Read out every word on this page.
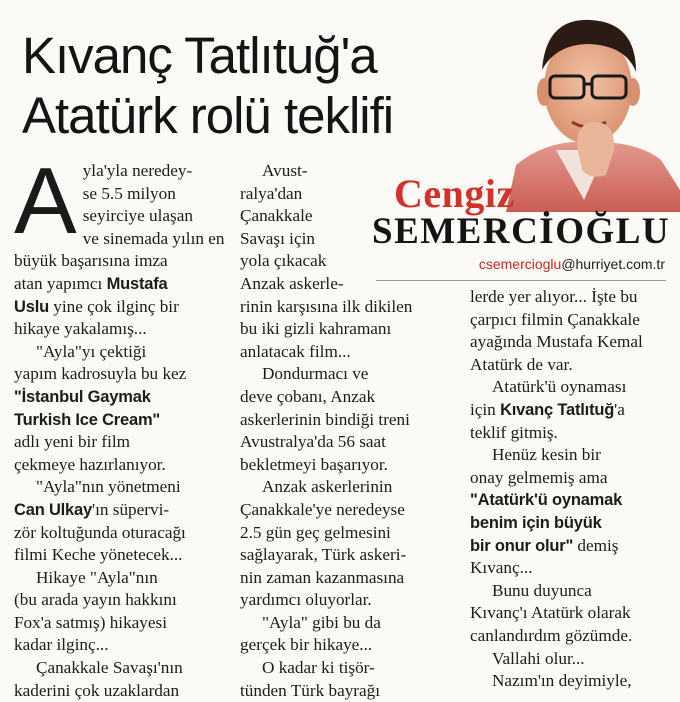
Kıvanç Tatlıtuğ'a
Atatürk rolü teklifi
Cengiz
SEMERCİOĞLU
csemercioglu@hurriyet.com.tr
A yla'yla neredey-
se 5.5 milyon
seyirciye ulaşan
ve sinemada yılın en
büyük başarısına imza
atan yapımcı Mustafa
Uslu yine çok ilginç bir
hikaye yakalamış...
"Ayla"yı çektiği
yapım kadrosuyla bu kez
"İstanbul Gaymak
Turkish Ice Cream"
adlı yeni bir film
çekmeye hazırlanıyor.
"Ayla"nın yönetmeni
Can Ulkay'ın süpervi-
zör koltuğunda oturacağı
filmi Keche yönetecek...
Hikaye "Ayla"nın
(bu arada yayın hakkını
Fox'a satmış) hikayesi
kadar ilginç...
Çanakkale Savaşı'nın
kaderini çok uzaklardan
Avust-
ralya'dan
Çanakkale
Savaşı için
yola çıkacak
Anzak askerle-
rinin karşısına ilk dikilen
bu iki gizli kahramanı
anlatacak film...
Dondurmacı ve
deve çobanı, Anzak
askerlerinin bindiği treni
Avustralya'da 56 saat
bekletmeyi başarıyor.
Anzak askerlerinin
Çanakkale'ye neredeyse
2.5 gün geç gelmesini
sağlayarak, Türk askeri-
nin zaman kazanmasına
yardımcı oluyorlar.
"Ayla" gibi bu da
gerçek bir hikaye...
O kadar ki tişör-
tünden Türk bayrağı
lerde yer alıyor... İşte bu
çarpıcı filmin Çanakkale
ayağında Mustafa Kemal
Atatürk de var.
Atatürk'ü oynaması
için Kıvanç Tatlıtuğ'a
teklif gitmiş.
Henüz kesin bir
onay gelmemiş ama
"Atatürk'ü oynamak
benim için büyük
bir onur olur" demiş
Kıvanç...
Bunu duyunca
Kıvanç'ı Atatürk olarak
canlandırdım gözümde.
Vallahi olur...
Nazım'ın deyimiyle,
